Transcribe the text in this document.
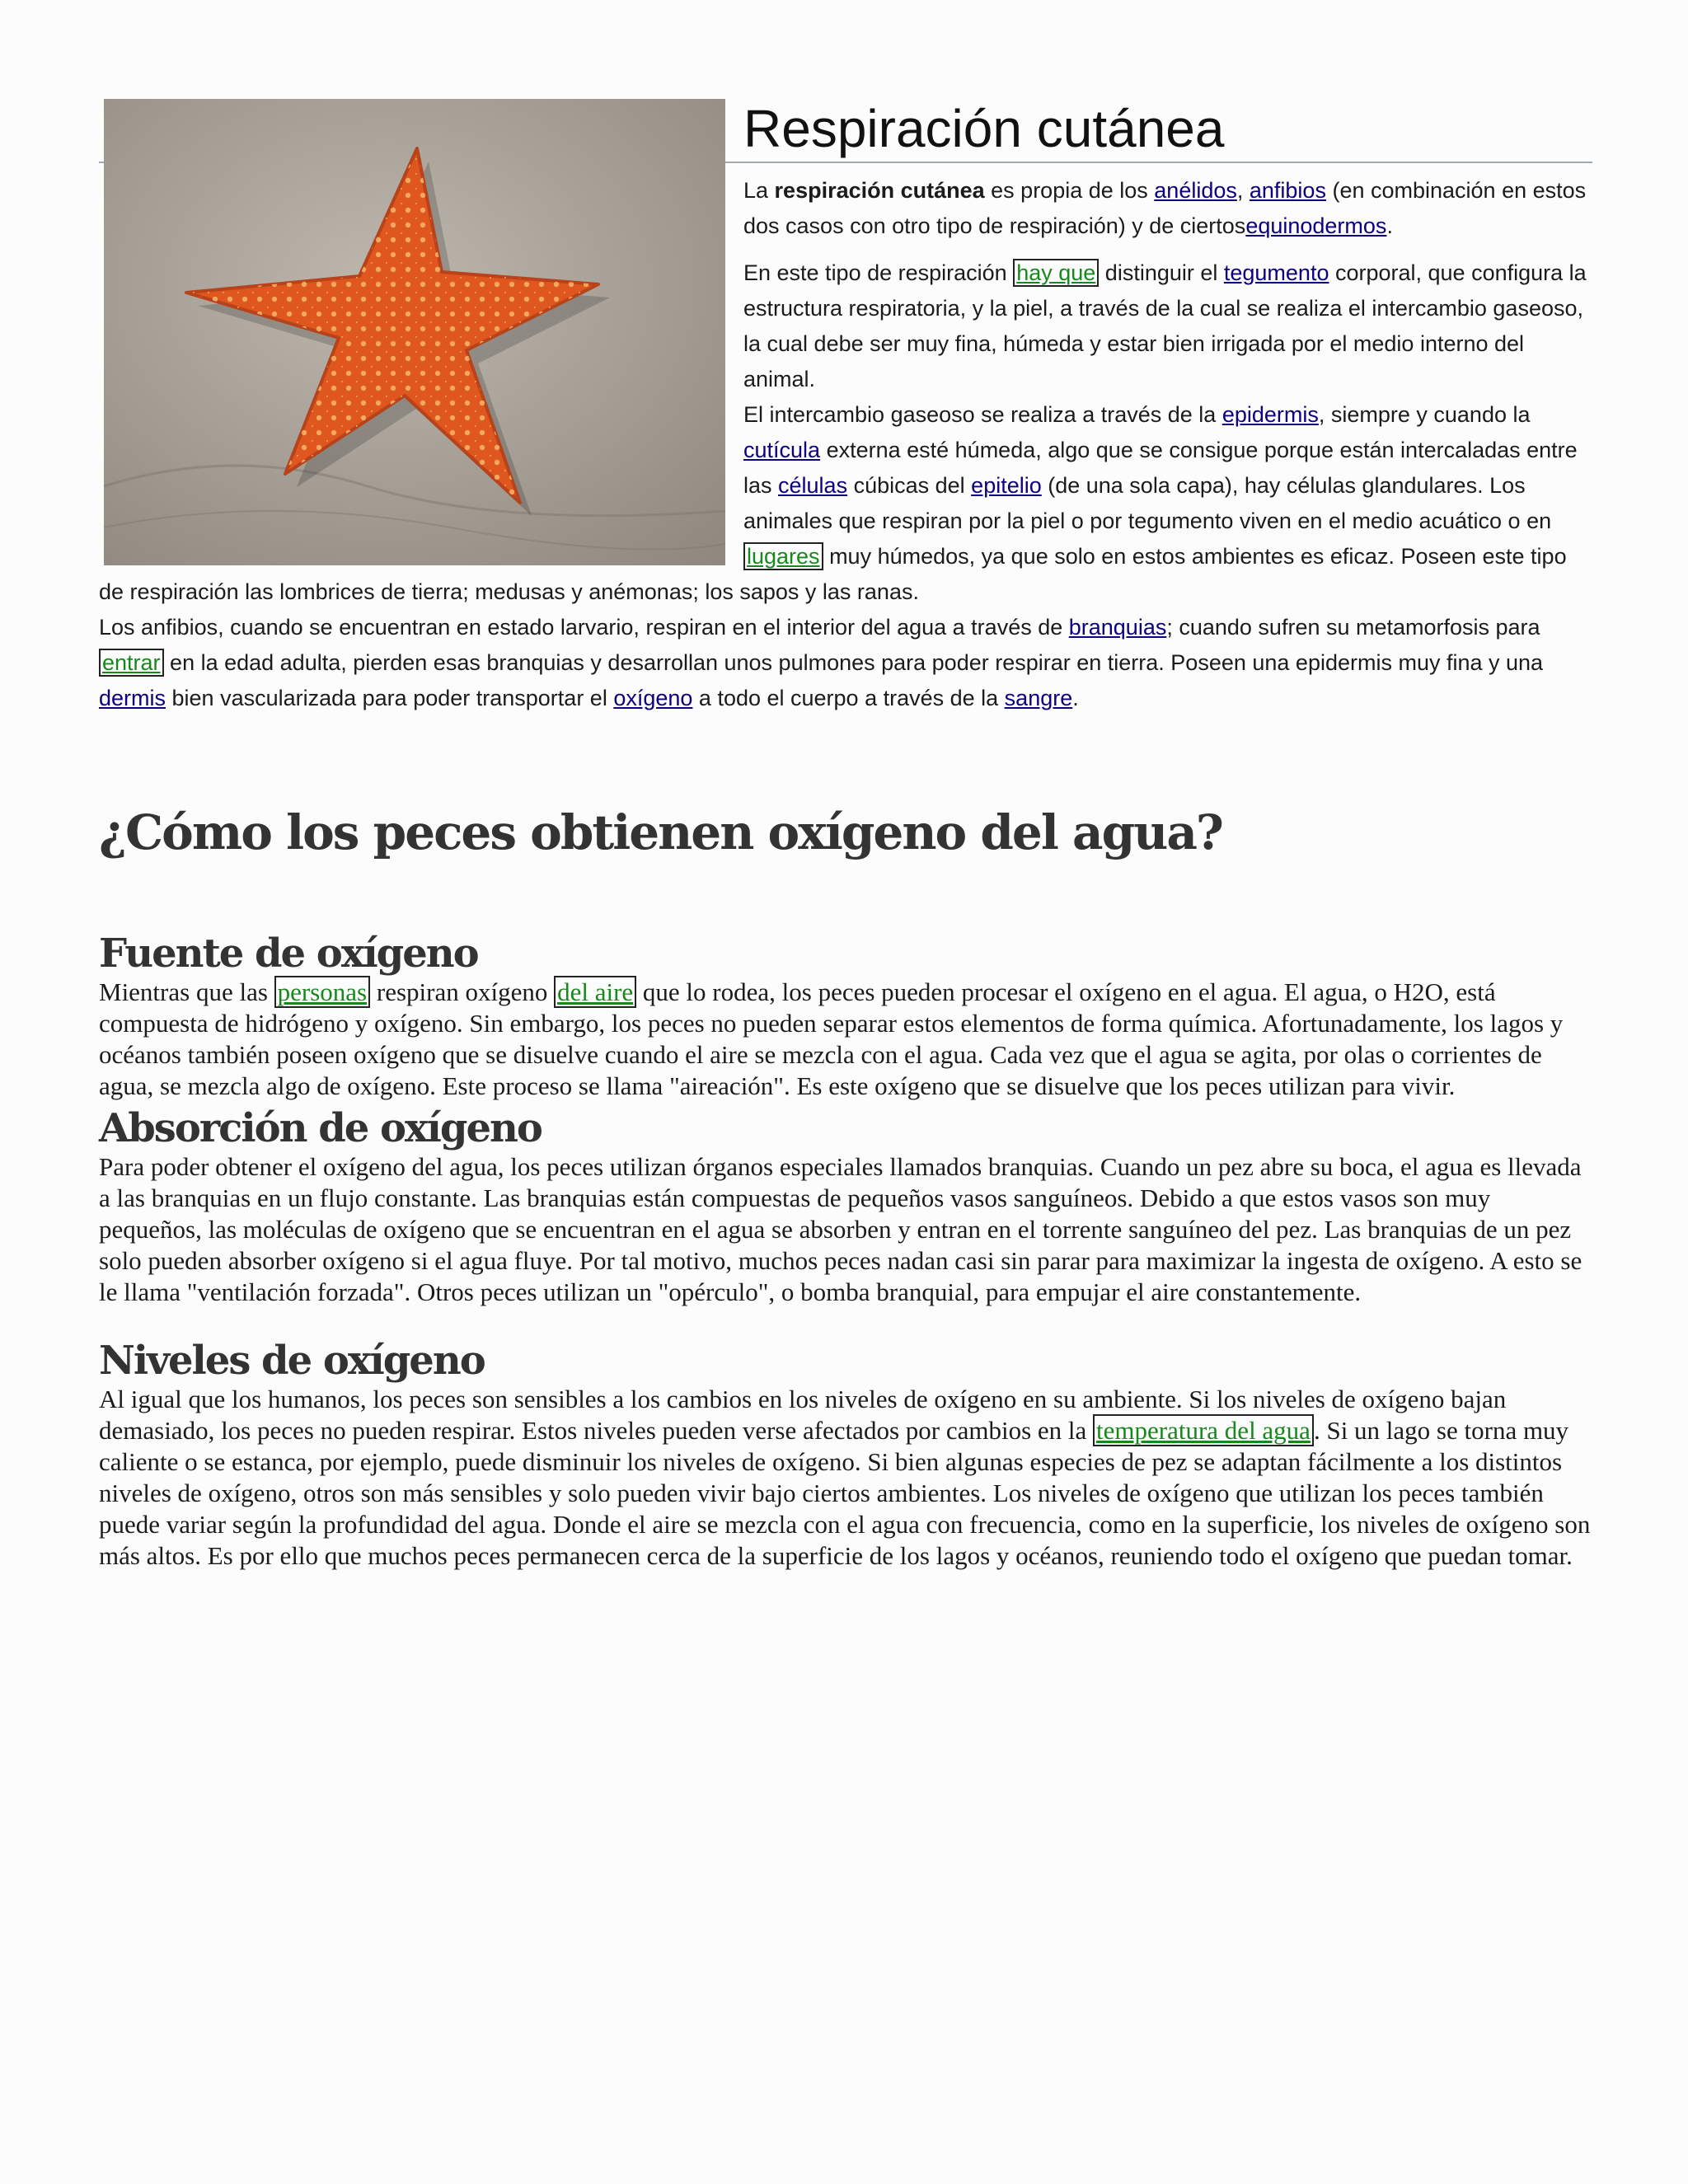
Respiración cutánea

La respiración cutánea es propia de los anélidos, anfibios (en combinación en estos dos casos con otro tipo de respiración) y de ciertosequinodermos.

En este tipo de respiración hay que distinguir el tegumento corporal, que configura la estructura respiratoria, y la piel, a través de la cual se realiza el intercambio gaseoso, la cual debe ser muy fina, húmeda y estar bien irrigada por el medio interno del animal.

El intercambio gaseoso se realiza a través de la epidermis, siempre y cuando la cutícula externa esté húmeda, algo que se consigue porque están intercaladas entre las células cúbicas del epitelio (de una sola capa), hay células glandulares. Los animales que respiran por la piel o por tegumento viven en el medio acuático o en lugares muy húmedos, ya que solo en estos ambientes es eficaz. Poseen este tipo de respiración las lombrices de tierra; medusas y anémonas; los sapos y las ranas.

Los anfibios, cuando se encuentran en estado larvario, respiran en el interior del agua a través de branquias; cuando sufren su metamorfosis para entrar en la edad adulta, pierden esas branquias y desarrollan unos pulmones para poder respirar en tierra. Poseen una epidermis muy fina y una dermis bien vascularizada para poder transportar el oxígeno a todo el cuerpo a través de la sangre.

¿Cómo los peces obtienen oxígeno del agua?
Fuente de oxígeno

Mientras que las personas respiran oxígeno del aire que lo rodea, los peces pueden procesar el oxígeno en el agua. El agua, o H2O, está compuesta de hidrógeno y oxígeno. Sin embargo, los peces no pueden separar estos elementos de forma química. Afortunadamente, los lagos y océanos también poseen oxígeno que se disuelve cuando el aire se mezcla con el agua. Cada vez que el agua se agita, por olas o corrientes de agua, se mezcla algo de oxígeno. Este proceso se llama "aireación". Es este oxígeno que se disuelve que los peces utilizan para vivir.

Absorción de oxígeno

Para poder obtener el oxígeno del agua, los peces utilizan órganos especiales llamados branquias. Cuando un pez abre su boca, el agua es llevada a las branquias en un flujo constante. Las branquias están compuestas de pequeños vasos sanguíneos. Debido a que estos vasos son muy pequeños, las moléculas de oxígeno que se encuentran en el agua se absorben y entran en el torrente sanguíneo del pez. Las branquias de un pez solo pueden absorber oxígeno si el agua fluye. Por tal motivo, muchos peces nadan casi sin parar para maximizar la ingesta de oxígeno. A esto se le llama "ventilación forzada". Otros peces utilizan un "opérculo", o bomba branquial, para empujar el aire constantemente.

Niveles de oxígeno

Al igual que los humanos, los peces son sensibles a los cambios en los niveles de oxígeno en su ambiente. Si los niveles de oxígeno bajan demasiado, los peces no pueden respirar. Estos niveles pueden verse afectados por cambios en la temperatura del agua . Si un lago se torna muy caliente o se estanca, por ejemplo, puede disminuir los niveles de oxígeno. Si bien algunas especies de pez se adaptan fácilmente a los distintos niveles de oxígeno, otros son más sensibles y solo pueden vivir bajo ciertos ambientes. Los niveles de oxígeno que utilizan los peces también puede variar según la profundidad del agua. Donde el aire se mezcla con el agua con frecuencia, como en la superficie, los niveles de oxígeno son más altos. Es por ello que muchos peces permanecen cerca de la superficie de los lagos y océanos, reuniendo todo el oxígeno que puedan tomar.
